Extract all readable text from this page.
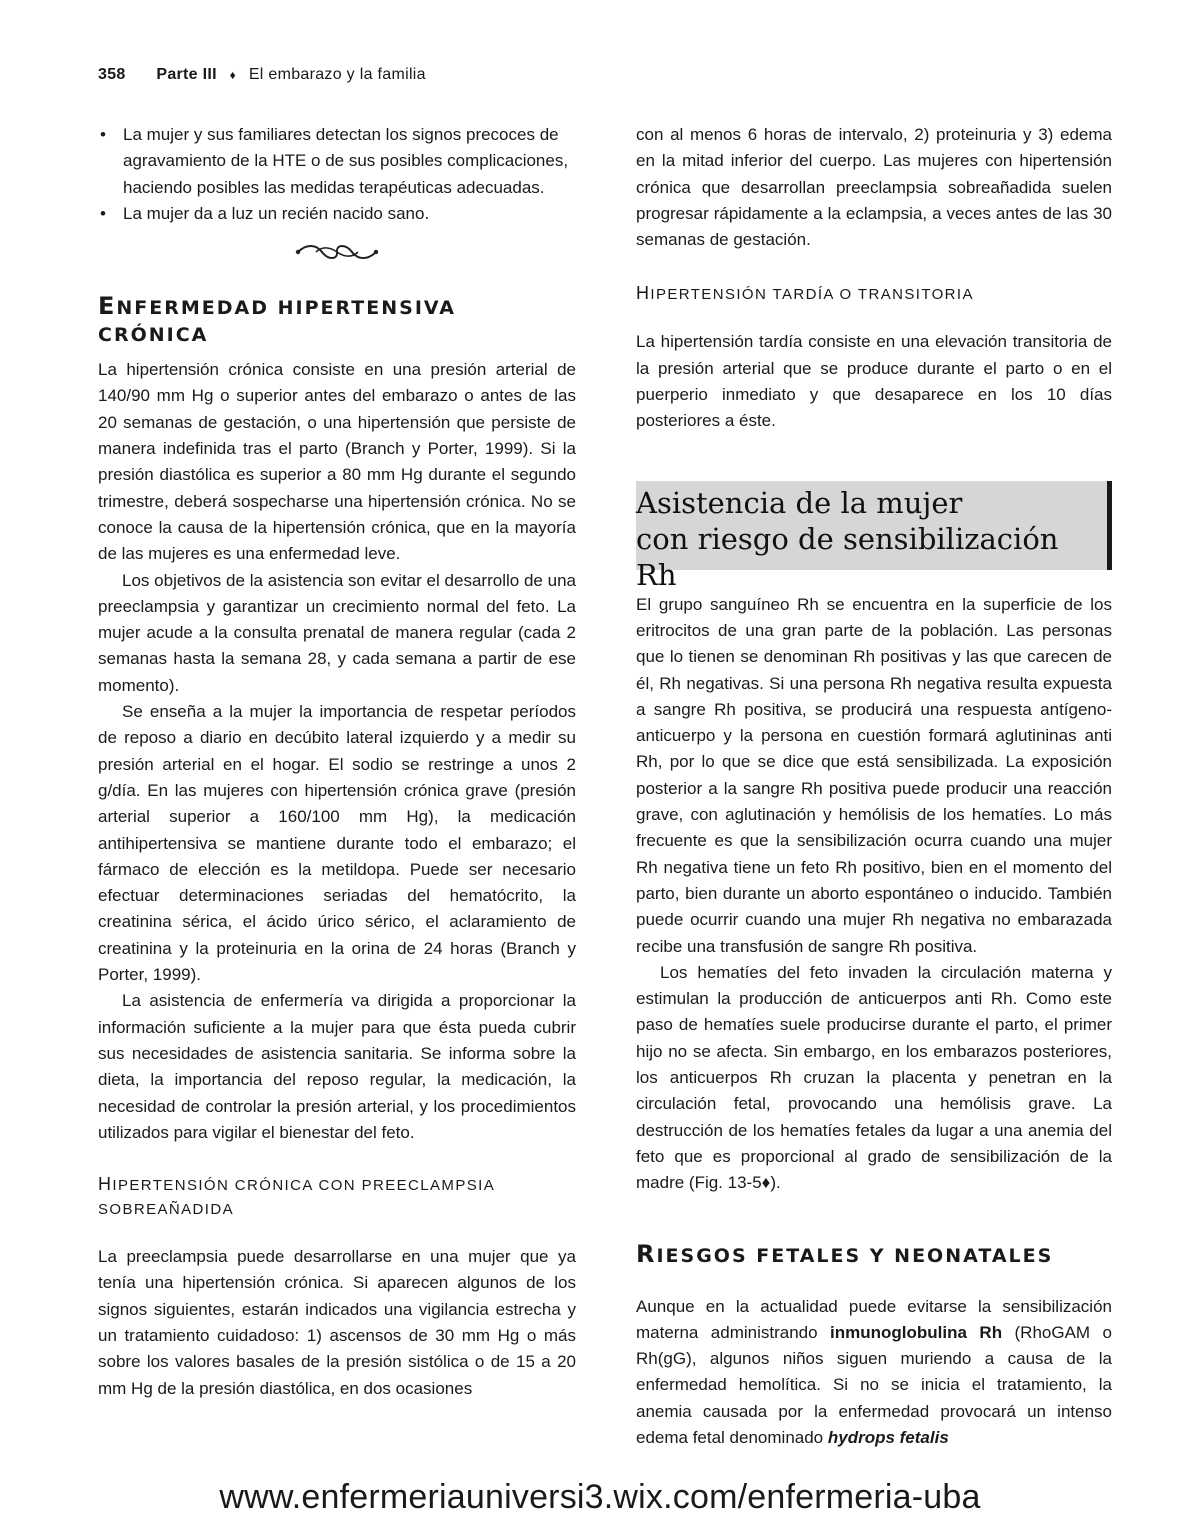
358 Parte III ♦ El embarazo y la familia
• La mujer y sus familiares detectan los signos precoces de agravamiento de la HTE o de sus posibles complicaciones, haciendo posibles las medidas terapéuticas adecuadas.
• La mujer da a luz un recién nacido sano.
ENFERMEDAD HIPERTENSIVA
CRÓNICA

La hipertensión crónica consiste en una presión arterial de 140/90 mm Hg o superior antes del embarazo o antes de las 20 semanas de gestación, o una hipertensión que persiste de manera indefinida tras el parto (Branch y Porter, 1999). Si la presión diastólica es superior a 80 mm Hg durante el segundo trimestre, deberá sospecharse una hipertensión crónica. No se conoce la causa de la hipertensión crónica, que en la mayoría de las mujeres es una enfermedad leve.

Los objetivos de la asistencia son evitar el desarrollo de una preeclampsia y garantizar un crecimiento normal del feto. La mujer acude a la consulta prenatal de manera regular (cada 2 semanas hasta la semana 28, y cada semana a partir de ese momento).

Se enseña a la mujer la importancia de respetar períodos de reposo a diario en decúbito lateral izquierdo y a medir su presión arterial en el hogar. El sodio se restringe a unos 2 g/día. En las mujeres con hipertensión crónica grave (presión arterial superior a 160/100 mm Hg), la medicación antihipertensiva se mantiene durante todo el embarazo; el fármaco de elección es la metildopa. Puede ser necesario efectuar determinaciones seriadas del hematócrito, la creatinina sérica, el ácido úrico sérico, el aclaramiento de creatinina y la proteinuria en la orina de 24 horas (Branch y Porter, 1999).

La asistencia de enfermería va dirigida a proporcionar la información suficiente a la mujer para que ésta pueda cubrir sus necesidades de asistencia sanitaria. Se informa sobre la dieta, la importancia del reposo regular, la medicación, la necesidad de controlar la presión arterial, y los procedimientos utilizados para vigilar el bienestar del feto.

HIPERTENSIÓN CRÓNICA CON PREECLAMPSIA
SOBREAÑADIDA

La preeclampsia puede desarrollarse en una mujer que ya tenía una hipertensión crónica. Si aparecen algunos de los signos siguientes, estarán indicados una vigilancia estrecha y un tratamiento cuidadoso: 1) ascensos de 30 mm Hg o más sobre los valores basales de la presión sistólica o de 15 a 20 mm Hg de la presión diastólica, en dos ocasiones

con al menos 6 horas de intervalo, 2) proteinuria y 3) edema en la mitad inferior del cuerpo. Las mujeres con hipertensión crónica que desarrollan preeclampsia sobreañadida suelen progresar rápidamente a la eclampsia, a veces antes de las 30 semanas de gestación.

HIPERTENSIÓN TARDÍA O TRANSITORIA

La hipertensión tardía consiste en una elevación transitoria de la presión arterial que se produce durante el parto o en el puerperio inmediato y que desaparece en los 10 días posteriores a éste.

Asistencia de la mujer
con riesgo de sensibilización Rh

El grupo sanguíneo Rh se encuentra en la superficie de los eritrocitos de una gran parte de la población. Las personas que lo tienen se denominan Rh positivas y las que carecen de él, Rh negativas. Si una persona Rh negativa resulta expuesta a sangre Rh positiva, se producirá una respuesta antígeno-anticuerpo y la persona en cuestión formará aglutininas anti Rh, por lo que se dice que está sensibilizada. La exposición posterior a la sangre Rh positiva puede producir una reacción grave, con aglutinación y hemólisis de los hematíes. Lo más frecuente es que la sensibilización ocurra cuando una mujer Rh negativa tiene un feto Rh positivo, bien en el momento del parto, bien durante un aborto espontáneo o inducido. También puede ocurrir cuando una mujer Rh negativa no embarazada recibe una transfusión de sangre Rh positiva.

Los hematíes del feto invaden la circulación materna y estimulan la producción de anticuerpos anti Rh. Como este paso de hematíes suele producirse durante el parto, el primer hijo no se afecta. Sin embargo, en los embarazos posteriores, los anticuerpos Rh cruzan la placenta y penetran en la circulación fetal, provocando una hemólisis grave. La destrucción de los hematíes fetales da lugar a una anemia del feto que es proporcional al grado de sensibilización de la madre (Fig. 13-5♦).

RIESGOS FETALES Y NEONATALES

Aunque en la actualidad puede evitarse la sensibilización materna administrando inmunoglobulina Rh (RhoGAM o Rh(gG), algunos niños siguen muriendo a causa de la enfermedad hemolítica. Si no se inicia el tratamiento, la anemia causada por la enfermedad provocará un intenso edema fetal denominado hydrops fetalis

www.enfermeriauniversi3.wix.com/enfermeria-uba
